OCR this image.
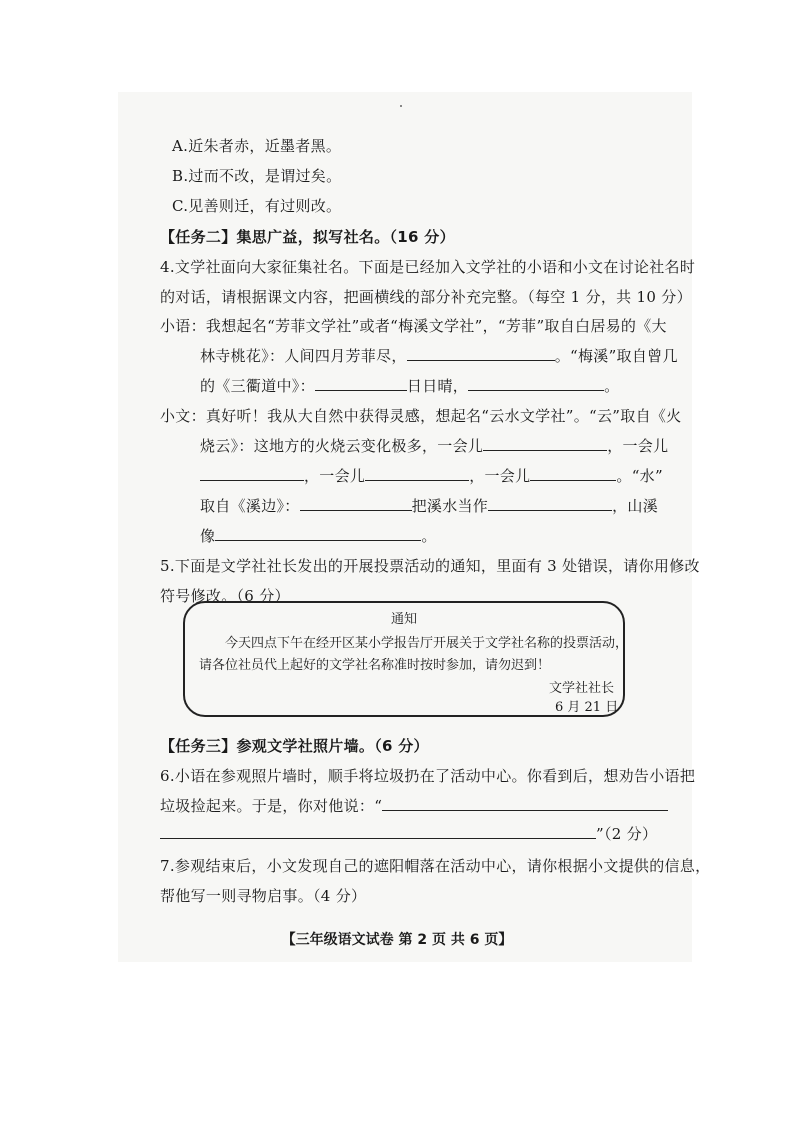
A.近朱者赤，近墨者黑。
B.过而不改，是谓过矣。
C.见善则迁，有过则改。
【任务二】集思广益，拟写社名。（16 分）
4.文学社面向大家征集社名。下面是已经加入文学社的小语和小文在讨论社名时
的对话，请根据课文内容，把画横线的部分补充完整。（每空 1 分，共 10 分）
小语：我想起名“芳菲文学社”或者“梅溪文学社”，“芳菲”取自白居易的《大
林寺桃花》：人间四月芳菲尽，	。“梅溪”取自曾几
的《三衢道中》：	日日晴，	。
小文：真好听！我从大自然中获得灵感，想起名“云水文学社”。“云”取自《火
烧云》：这地方的火烧云变化极多，一会儿	，一会儿
，一会儿	，一会儿	。“水”
取自《溪边》：	把溪水当作	，山溪
像	。
5.下面是文学社社长发出的开展投票活动的通知，里面有 3 处错误，请你用修改
符号修改。（6 分）
通知
今天四点下午在经开区某小学报告厅开展关于文学社名称的投票活动，
请各位社员代上起好的文学社名称准时按时参加，请勿迟到！
文学社社长
6 月 21 日
【任务三】参观文学社照片墙。（6 分）
6.小语在参观照片墙时，顺手将垃圾扔在了活动中心。你看到后，想劝告小语把
垃圾捡起来。于是，你对他说：“
”（2 分）
7.参观结束后，小文发现自己的遮阳帽落在活动中心，请你根据小文提供的信息，
帮他写一则寻物启事。（4 分）
【三年级语文试卷 第 2 页 共 6 页】
